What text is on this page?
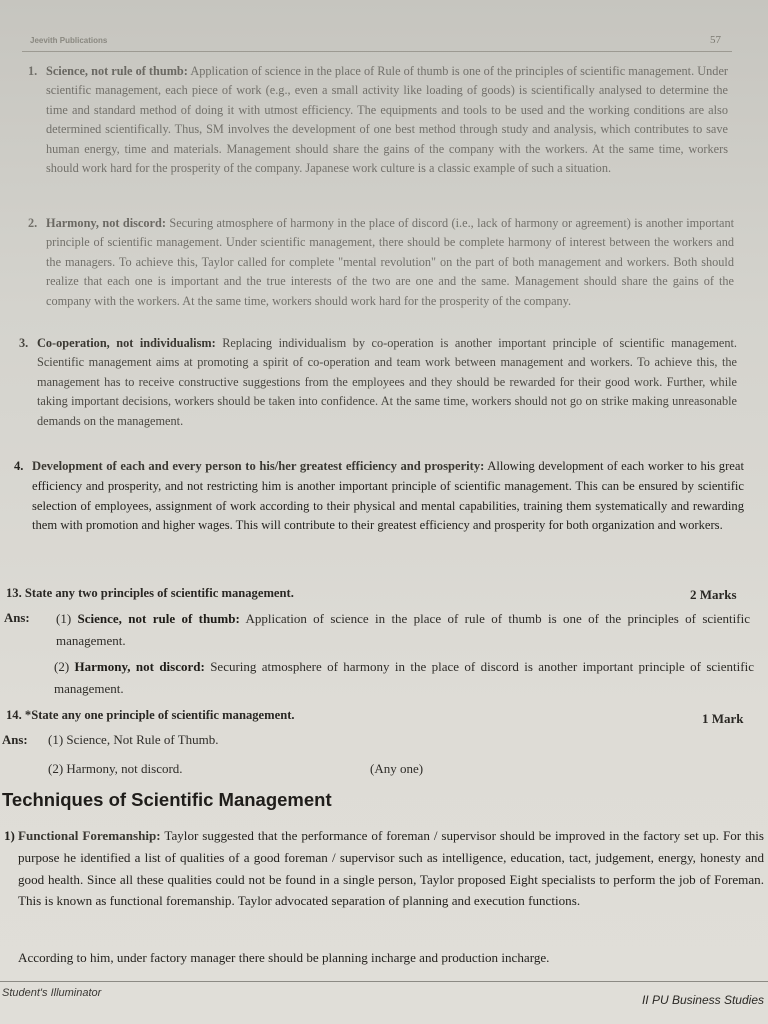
Jeevith Publications	57
1. Science, not rule of thumb: Application of science in the place of Rule of thumb is one of the principles of scientific management. Under scientific management, each piece of work (e.g., even a small activity like loading of goods) is scientifically analysed to determine the time and standard method of doing it with utmost efficiency. The equipments and tools to be used and the working conditions are also determined scientifically. Thus, SM involves the development of one best method through study and analysis, which contributes to save human energy, time and materials. Management should share the gains of the company with the workers. At the same time, workers should work hard for the prosperity of the company. Japanese work culture is a classic example of such a situation.
2. Harmony, not discord: Securing atmosphere of harmony in the place of discord (i.e., lack of harmony or agreement) is another important principle of scientific management. Under scientific management, there should be complete harmony of interest between the workers and the managers. To achieve this, Taylor called for complete "mental revolution" on the part of both management and workers. Both should realize that each one is important and the true interests of the two are one and the same. Management should share the gains of the company with the workers. At the same time, workers should work hard for the prosperity of the company.
3. Co-operation, not individualism: Replacing individualism by co-operation is another important principle of scientific management. Scientific management aims at promoting a spirit of co-operation and team work between management and workers. To achieve this, the management has to receive constructive suggestions from the employees and they should be rewarded for their good work. Further, while taking important decisions, workers should be taken into confidence. At the same time, workers should not go on strike making unreasonable demands on the management.
4. Development of each and every person to his/her greatest efficiency and prosperity: Allowing development of each worker to his great efficiency and prosperity, and not restricting him is another important principle of scientific management. This can be ensured by scientific selection of employees, assignment of work according to their physical and mental capabilities, training them systematically and rewarding them with promotion and higher wages. This will contribute to their greatest efficiency and prosperity for both organization and workers.
13. State any two principles of scientific management.	2 Marks
Ans: (1) Science, not rule of thumb: Application of science in the place of rule of thumb is one of the principles of scientific management.
(2) Harmony, not discord: Securing atmosphere of harmony in the place of discord is another important principle of scientific management.
14. *State any one principle of scientific management.	1 Mark
Ans: (1) Science, Not Rule of Thumb.
(2) Harmony, not discord.	(Any one)
Techniques of Scientific Management
1) Functional Foremanship: Taylor suggested that the performance of foreman / supervisor should be improved in the factory set up. For this purpose he identified a list of qualities of a good foreman / supervisor such as intelligence, education, tact, judgement, energy, honesty and good health. Since all these qualities could not be found in a single person, Taylor proposed Eight specialists to perform the job of Foreman. This is known as functional foremanship. Taylor advocated separation of planning and execution functions.
According to him, under factory manager there should be planning incharge and production incharge.
Student's Illuminator	II PU Business Studies
